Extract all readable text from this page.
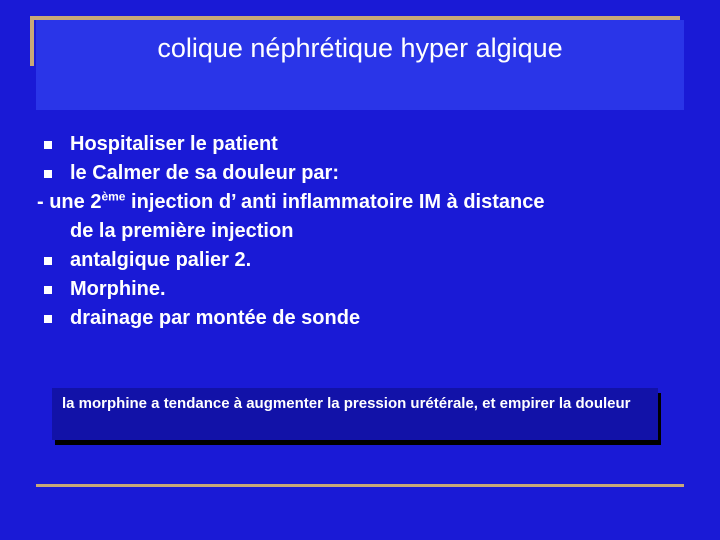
colique néphrétique hyper algique
Hospitaliser le patient
le Calmer de sa douleur par:
- une 2ème injection d’ anti inflammatoire IM à distance
de la première injection
antalgique palier 2.
Morphine.
drainage par montée de sonde
la morphine a tendance à augmenter la pression urétérale, et empirer la douleur
